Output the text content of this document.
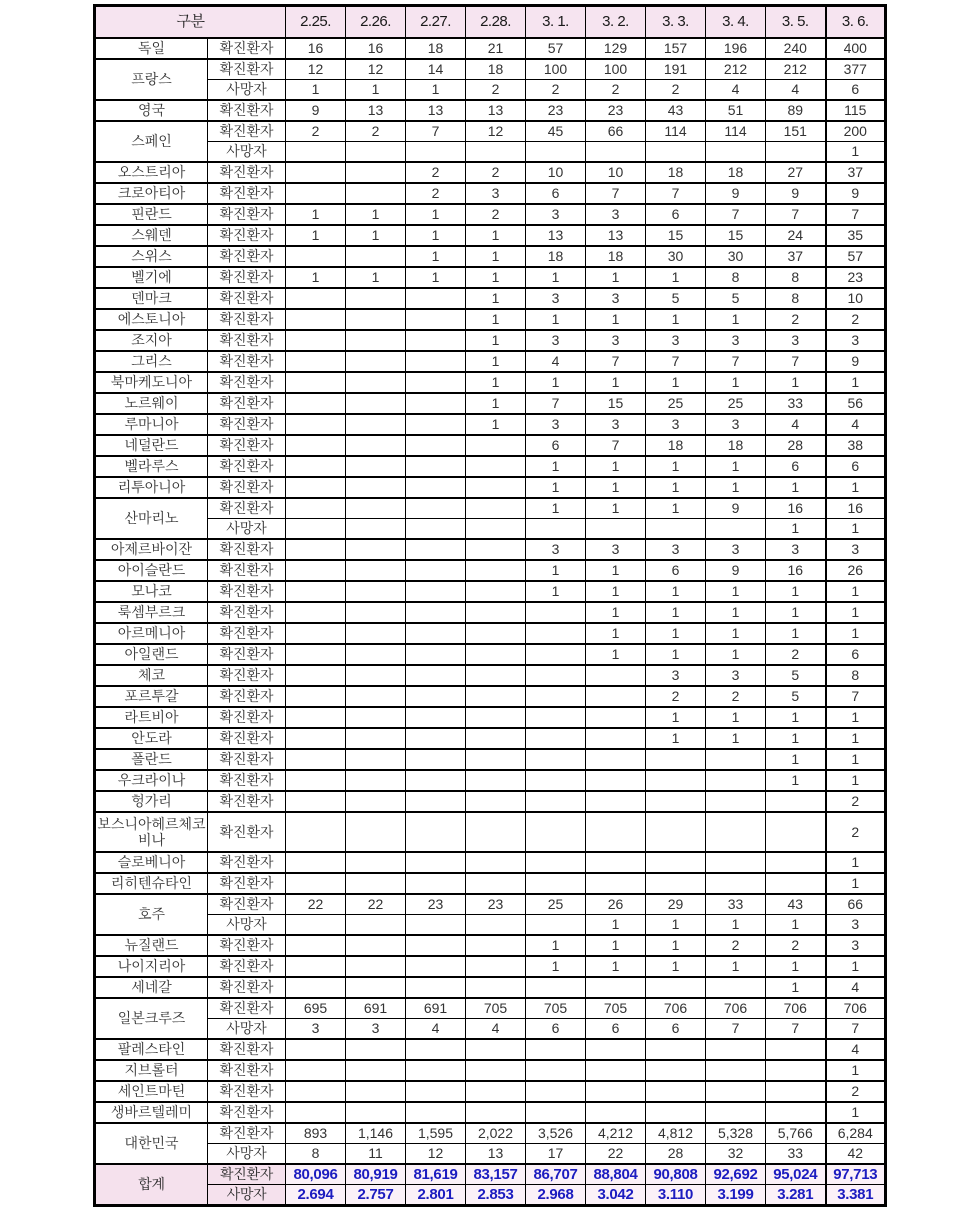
구분		2.25.	2.26.	2.27.	2.28.	3. 1.	3. 2.	3. 3.	3. 4.	3. 5.	3. 6.
독일	확진환자	16	16	18	21	57	129	157	196	240	400
프랑스	확진환자	12	12	14	18	100	100	191	212	212	377
	사망자	1	1	1	2	2	2	2	4	4	6
영국	확진환자	9	13	13	13	23	23	43	51	89	115
스페인	확진환자	2	2	7	12	45	66	114	114	151	200
	사망자										1
오스트리아	확진환자			2	2	10	10	18	18	27	37
크로아티아	확진환자			2	3	6	7	7	9	9	9
핀란드	확진환자	1	1	1	2	3	3	6	7	7	7
스웨덴	확진환자	1	1	1	1	13	13	15	15	24	35
스위스	확진환자			1	1	18	18	30	30	37	57
벨기에	확진환자	1	1	1	1	1	1	1	8	8	23
덴마크	확진환자				1	3	3	5	5	8	10
에스토니아	확진환자				1	1	1	1	1	2	2
조지아	확진환자				1	3	3	3	3	3	3
그리스	확진환자				1	4	7	7	7	7	9
북마케도니아	확진환자				1	1	1	1	1	1	1
노르웨이	확진환자				1	7	15	25	25	33	56
루마니아	확진환자				1	3	3	3	3	4	4
네덜란드	확진환자					6	7	18	18	28	38
벨라루스	확진환자					1	1	1	1	6	6
리투아니아	확진환자					1	1	1	1	1	1
산마리노	확진환자					1	1	1	9	16	16
	사망자									1	1
아제르바이잔	확진환자					3	3	3	3	3	3
아이슬란드	확진환자					1	1	6	9	16	26
모나코	확진환자					1	1	1	1	1	1
룩셈부르크	확진환자						1	1	1	1	1
아르메니아	확진환자						1	1	1	1	1
아일랜드	확진환자						1	1	1	2	6
체코	확진환자							3	3	5	8
포르투갈	확진환자							2	2	5	7
라트비아	확진환자							1	1	1	1
안도라	확진환자							1	1	1	1
폴란드	확진환자									1	1
우크라이나	확진환자									1	1
헝가리	확진환자										2
보스니아헤르체코비나	확진환자										2
슬로베니아	확진환자										1
리히텐슈타인	확진환자										1
호주	확진환자	22	22	23	23	25	26	29	33	43	66
	사망자						1	1	1	1	3
뉴질랜드	확진환자					1	1	1	2	2	3
나이지리아	확진환자					1	1	1	1	1	1
세네갈	확진환자									1	4
일본크루즈	확진환자	695	691	691	705	705	705	706	706	706	706
	사망자	3	3	4	4	6	6	6	7	7	7
팔레스타인	확진환자										4
지브롤터	확진환자										1
세인트마틴	확진환자										2
생바르텔레미	확진환자										1
대한민국	확진환자	893	1,146	1,595	2,022	3,526	4,212	4,812	5,328	5,766	6,284
	사망자	8	11	12	13	17	22	28	32	33	42
합계	확진환자	80,096	80,919	81,619	83,157	86,707	88,804	90,808	92,692	95,024	97,713
	사망자	2.694	2.757	2.801	2.853	2.968	3.042	3.110	3.199	3.281	3.381
